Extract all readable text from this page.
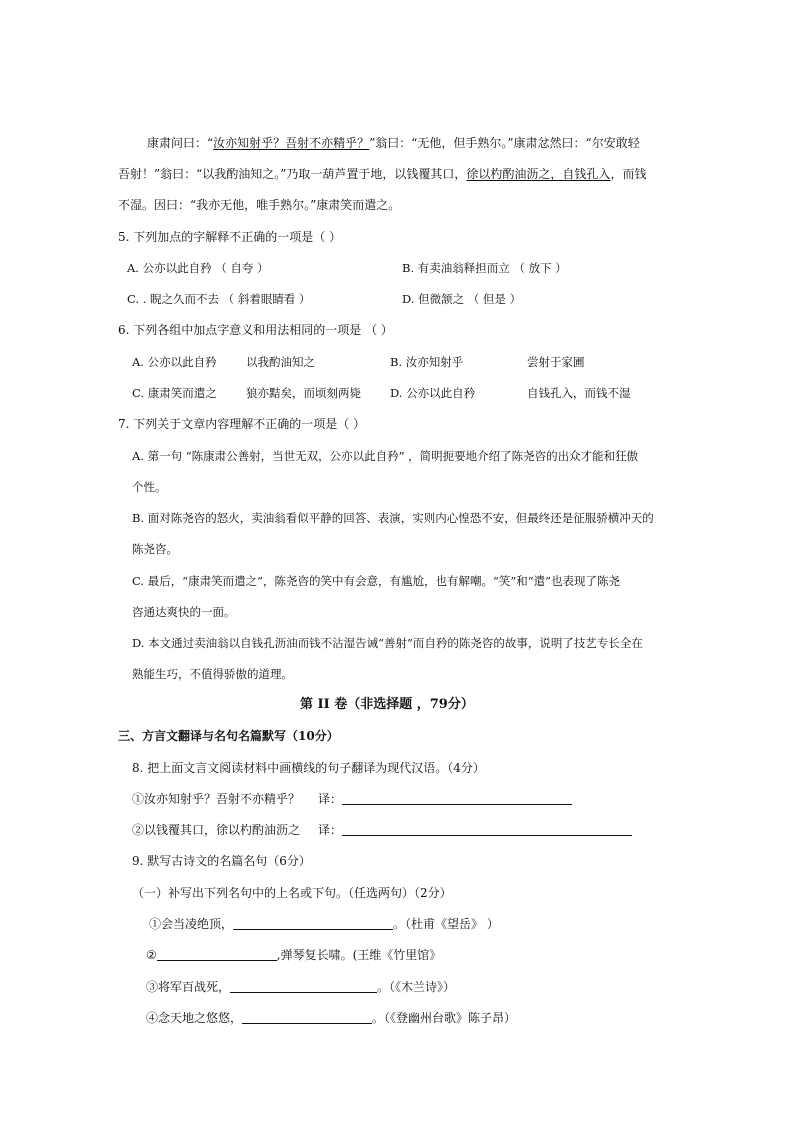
康肃问曰：“汝亦知射乎？吾射不亦精乎？”翁曰：“无他，但手熟尔。”康肃忿然曰：“尔安敢轻
吾射！”翁曰：“以我酌油知之。”乃取一葫芦置于地，以钱覆其口，徐以杓酌油沥之，自钱孔入，而钱
不湿。因曰：“我亦无他，唯手熟尔。”康肃笑而遣之。
5. 下列加点的字解释不正确的一项是（ ）
A. 公亦以此自矜 （ 自夸 ）	B. 有卖油翁释担而立 （ 放下 ）
C. . 睨之久而不去 （ 斜着眼睛看 ）	D. 但微颔之 （ 但是 ）
6. 下列各组中加点字意义和用法相同的一项是 （ ）
A. 公亦以此自矜	以我酌油知之	B. 汝亦知射乎	尝射于家圃
C. 康肃笑而遣之	狼亦黠矣，而顷刻两毙	D. 公亦以此自矜	自钱孔入，而钱不湿
7. 下列关于文章内容理解不正确的一项是（ ）
A. 第一句 “陈康肃公善射，当世无双，公亦以此自矜” ，简明扼要地介绍了陈尧咨的出众才能和狂傲
个性。
B. 面对陈尧咨的怒火，卖油翁看似平静的回答、表演，实则内心惶恐不安，但最终还是征服骄横冲天的
陈尧咨。
C. 最后，“康肃笑而遣之”，陈尧咨的笑中有会意，有尴尬，也有解嘲。“笑”和“遣”也表现了陈尧
咨通达爽快的一面。
D. 本文通过卖油翁以自钱孔沥油而钱不沾湿告诫“善射”而自矜的陈尧咨的故事，说明了技艺专长全在
熟能生巧，不值得骄傲的道理。
第 II 卷（非选择题 ，79分）
三、方言文翻译与名句名篇默写（10分）
8. 把上面文言文阅读材料中画横线的句子翻译为现代汉语。（4分）
①汝亦知射乎？吾射不亦精乎？ 译：
②以钱覆其口，徐以杓酌油沥之 译：
9. 默写古诗文的名篇名句（6分）
（一）补写出下列名句中的上名或下句。（任选两句）（2分）
①会当凌绝顶，	。（杜甫《望岳》 ）
②	,弹琴复长啸。(王维《竹里馆》
③将军百战死，	。（《木兰诗》）
④念天地之悠悠，	。（《登幽州台歌》陈子昂）
